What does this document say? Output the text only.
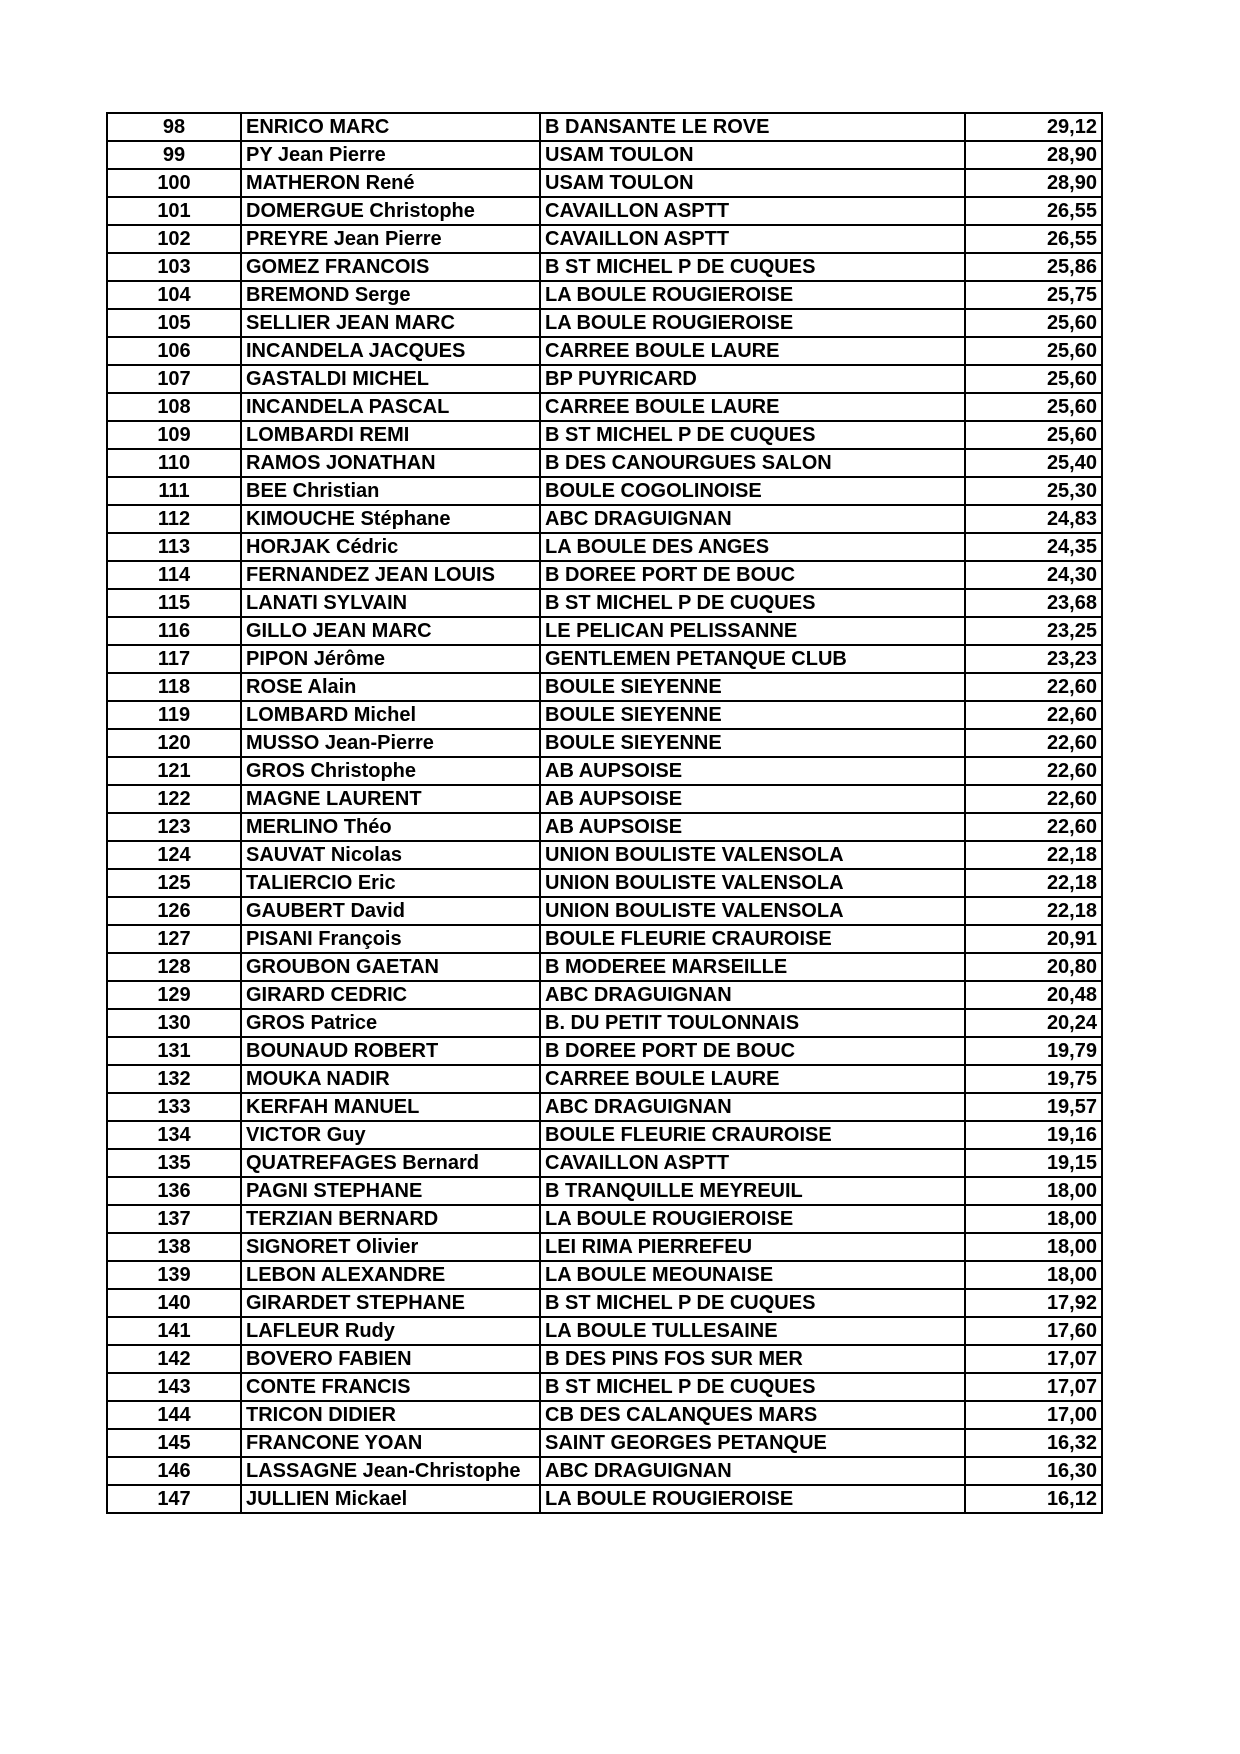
98	ENRICO MARC	B DANSANTE LE ROVE	29,12
99	PY Jean Pierre	USAM TOULON	28,90
100	MATHERON René	USAM TOULON	28,90
101	DOMERGUE Christophe	CAVAILLON ASPTT	26,55
102	PREYRE Jean Pierre	CAVAILLON ASPTT	26,55
103	GOMEZ FRANCOIS	B ST MICHEL P DE CUQUES	25,86
104	BREMOND Serge	LA BOULE ROUGIEROISE	25,75
105	SELLIER JEAN MARC	LA BOULE ROUGIEROISE	25,60
106	INCANDELA JACQUES	CARREE BOULE LAURE	25,60
107	GASTALDI MICHEL	BP PUYRICARD	25,60
108	INCANDELA PASCAL	CARREE BOULE LAURE	25,60
109	LOMBARDI REMI	B ST MICHEL P DE CUQUES	25,60
110	RAMOS JONATHAN	B DES CANOURGUES SALON	25,40
111	BEE Christian	BOULE COGOLINOISE	25,30
112	KIMOUCHE Stéphane	ABC DRAGUIGNAN	24,83
113	HORJAK Cédric	LA BOULE DES ANGES	24,35
114	FERNANDEZ JEAN LOUIS	B DOREE PORT DE BOUC	24,30
115	LANATI SYLVAIN	B ST MICHEL P DE CUQUES	23,68
116	GILLO JEAN MARC	LE PELICAN PELISSANNE	23,25
117	PIPON Jérôme	GENTLEMEN PETANQUE CLUB	23,23
118	ROSE Alain	BOULE SIEYENNE	22,60
119	LOMBARD Michel	BOULE SIEYENNE	22,60
120	MUSSO Jean-Pierre	BOULE SIEYENNE	22,60
121	GROS Christophe	AB AUPSOISE	22,60
122	MAGNE LAURENT	AB AUPSOISE	22,60
123	MERLINO Théo	AB AUPSOISE	22,60
124	SAUVAT Nicolas	UNION BOULISTE VALENSOLA	22,18
125	TALIERCIO Eric	UNION BOULISTE VALENSOLA	22,18
126	GAUBERT David	UNION BOULISTE VALENSOLA	22,18
127	PISANI François	BOULE FLEURIE CRAUROISE	20,91
128	GROUBON GAETAN	B MODEREE MARSEILLE	20,80
129	GIRARD CEDRIC	ABC DRAGUIGNAN	20,48
130	GROS Patrice	B. DU PETIT TOULONNAIS	20,24
131	BOUNAUD ROBERT	B DOREE PORT DE BOUC	19,79
132	MOUKA NADIR	CARREE BOULE LAURE	19,75
133	KERFAH MANUEL	ABC DRAGUIGNAN	19,57
134	VICTOR Guy	BOULE FLEURIE CRAUROISE	19,16
135	QUATREFAGES Bernard	CAVAILLON ASPTT	19,15
136	PAGNI STEPHANE	B TRANQUILLE MEYREUIL	18,00
137	TERZIAN BERNARD	LA BOULE ROUGIEROISE	18,00
138	SIGNORET Olivier	LEI RIMA PIERREFEU	18,00
139	LEBON ALEXANDRE	LA BOULE MEOUNAISE	18,00
140	GIRARDET STEPHANE	B ST MICHEL P DE CUQUES	17,92
141	LAFLEUR Rudy	LA BOULE TULLESAINE	17,60
142	BOVERO FABIEN	B DES PINS FOS SUR MER	17,07
143	CONTE FRANCIS	B ST MICHEL P DE CUQUES	17,07
144	TRICON DIDIER	CB DES CALANQUES MARS	17,00
145	FRANCONE YOAN	SAINT GEORGES PETANQUE	16,32
146	LASSAGNE Jean-Christophe	ABC DRAGUIGNAN	16,30
147	JULLIEN Mickael	LA BOULE ROUGIEROISE	16,12
